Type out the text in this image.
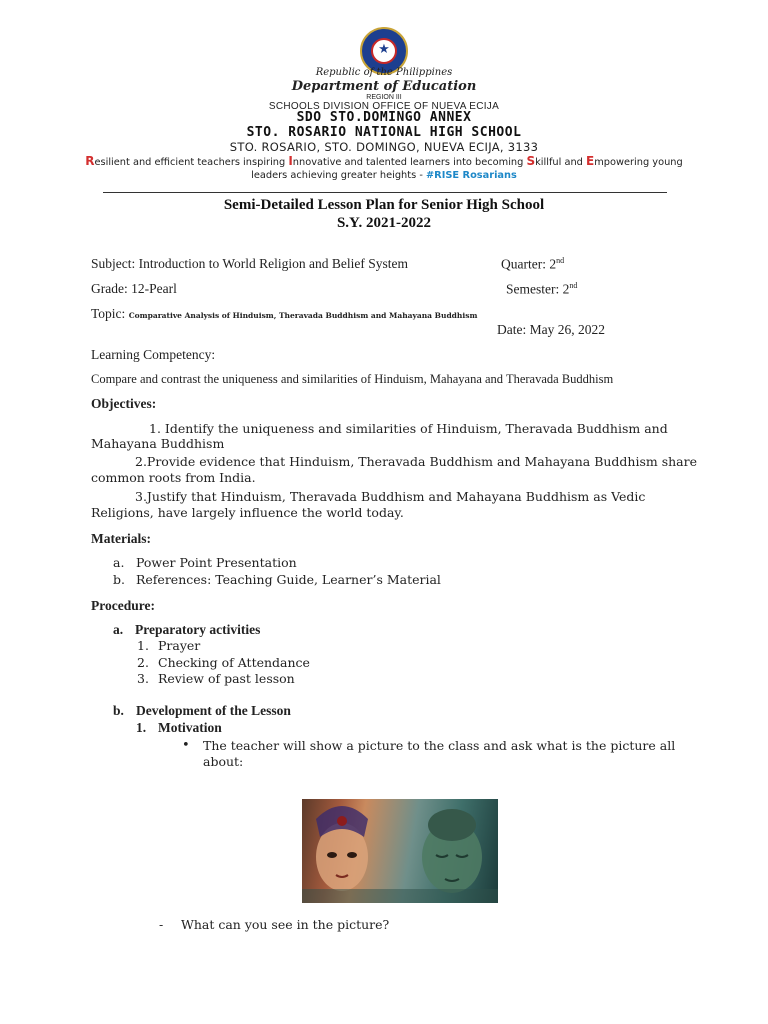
★
Republic of the Philippines
Department of Education
REGION III
SCHOOLS DIVISION OFFICE OF NUEVA ECIJA
SDO STO.DOMINGO ANNEX
STO. ROSARIO NATIONAL HIGH SCHOOL
STO. ROSARIO, STO. DOMINGO, NUEVA ECIJA, 3133
Resilient and efficient teachers inspiring Innovative and talented learners into becoming Skillful and Empowering young
leaders achieving greater heights - #RISE Rosarians
Semi-Detailed Lesson Plan for Senior High School
S.Y. 2021-2022
Subject: Introduction to World Religion and Belief System	Quarter: 2nd
Grade: 12-Pearl	Semester: 2nd
Topic: Comparative Analysis of Hinduism, Theravada Buddhism and Mahayana Buddhism
Date: May 26, 2022
Learning Competency:
Compare and contrast the uniqueness and similarities of Hinduism, Mahayana and Theravada Buddhism
Objectives:
1. Identify the uniqueness and similarities of Hinduism, Theravada Buddhism and
Mahayana Buddhism
2.Provide evidence that Hinduism, Theravada Buddhism and Mahayana Buddhism share
common roots from India.
3.Justify that Hinduism, Theravada Buddhism and Mahayana Buddhism as Vedic
Religions, have largely influence the world today.
Materials:
a. Power Point Presentation
b. References: Teaching Guide, Learner’s Material
Procedure:
a. Preparatory activities
1. Prayer
2. Checking of Attendance
3. Review of past lesson
b. Development of the Lesson
1. Motivation
• The teacher will show a picture to the class and ask what is the picture all
about:
- What can you see in the picture?
